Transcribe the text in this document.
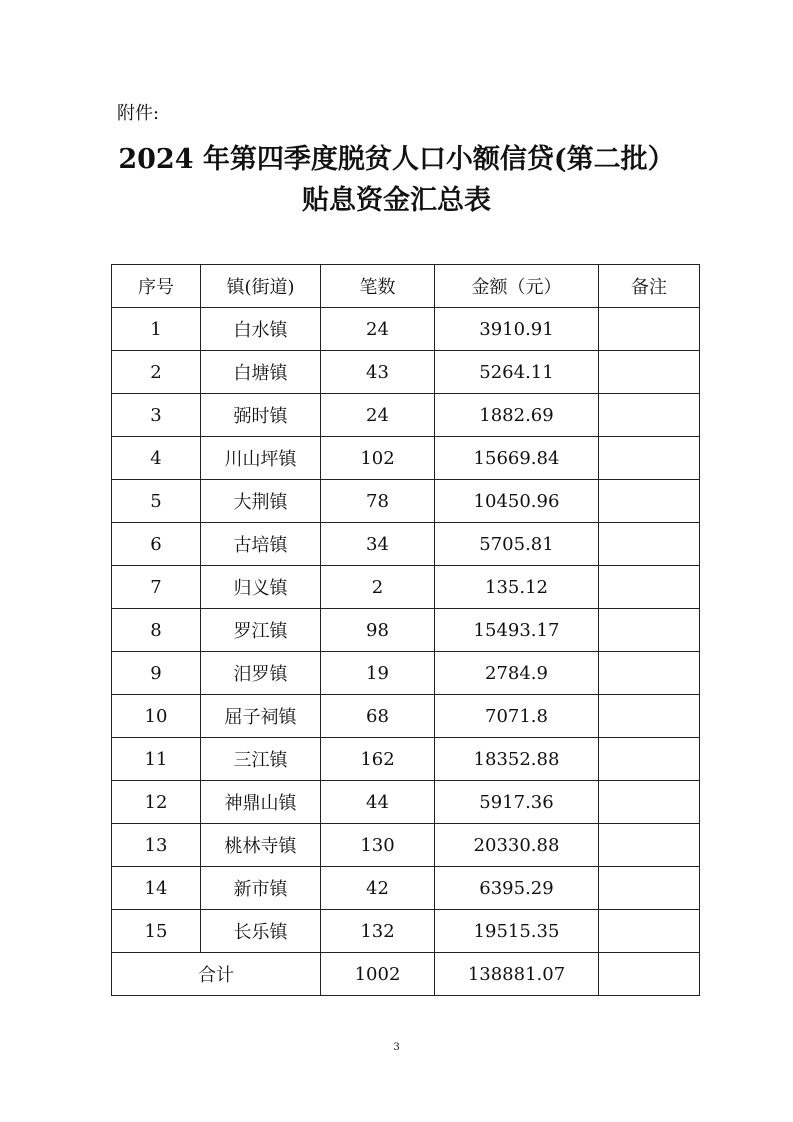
附件:
2024 年第四季度脱贫人口小额信贷(第二批）
贴息资金汇总表
序号	镇(街道)	笔数	金额（元）	备注
1	白水镇	24	3910.91	
2	白塘镇	43	5264.11	
3	弼时镇	24	1882.69	
4	川山坪镇	102	15669.84	
5	大荆镇	78	10450.96	
6	古培镇	34	5705.81	
7	归义镇	2	135.12	
8	罗江镇	98	15493.17	
9	汨罗镇	19	2784.9	
10	屈子祠镇	68	7071.8	
11	三江镇	162	18352.88	
12	神鼎山镇	44	5917.36	
13	桃林寺镇	130	20330.88	
14	新市镇	42	6395.29	
15	长乐镇	132	19515.35	
合计		1002	138881.07	
3
